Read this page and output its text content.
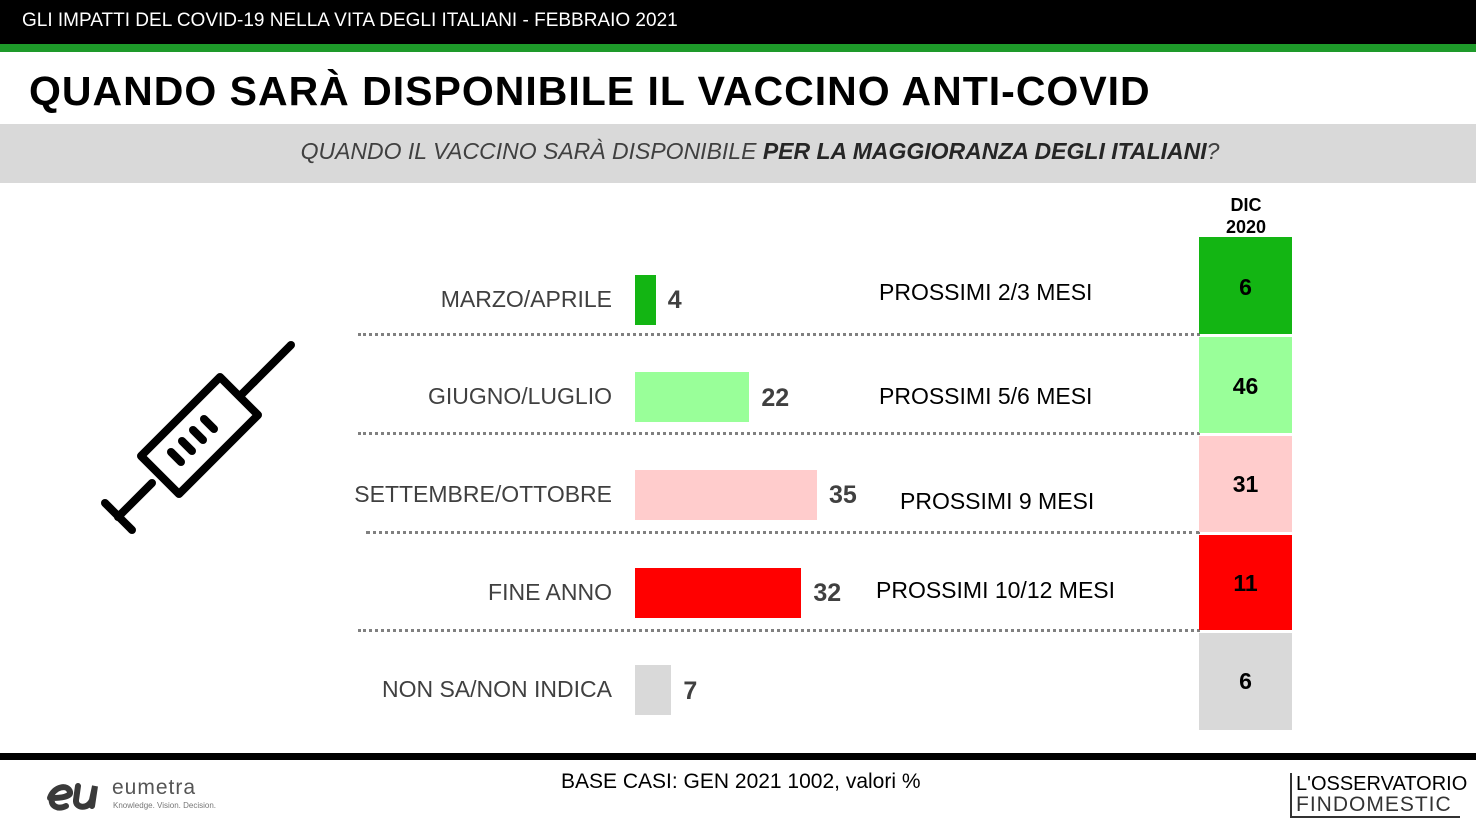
GLI IMPATTI DEL COVID-19 NELLA VITA DEGLI ITALIANI - FEBBRAIO 2021
QUANDO SARÀ DISPONIBILE IL VACCINO ANTI-COVID
QUANDO IL VACCINO SARÀ DISPONIBILE PER LA MAGGIORANZA DEGLI ITALIANI?
MARZO/APRILE
GIUGNO/LUGLIO
SETTEMBRE/OTTOBRE
FINE ANNO
NON SA/NON INDICA
4
22
35
32
7
PROSSIMI 2/3 MESI
PROSSIMI 5/6 MESI
PROSSIMI 9 MESI
PROSSIMI 10/12 MESI
DIC
2020
6
46
31
11
6
BASE CASI: GEN 2021 1002, valori %
eumetra
Knowledge. Vision. Decision.
L'OSSERVATORIO
FINDOMESTIC
